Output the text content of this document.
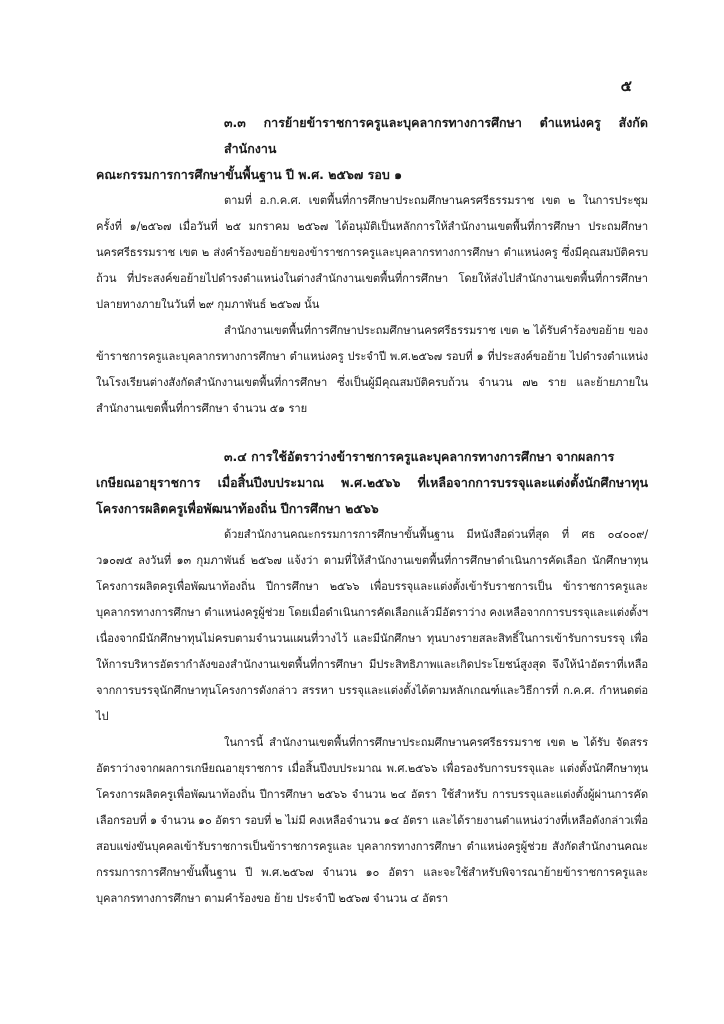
๕

๓.๓ การย้ายข้าราชการครูและบุคลากรทางการศึกษา ตำแหน่งครู สังกัดสำนักงาน
คณะกรรมการการศึกษาขั้นพื้นฐาน ปี พ.ศ. ๒๕๖๗ รอบ ๑

ตามที่ อ.ก.ค.ศ. เขตพื้นที่การศึกษาประถมศึกษานครศรีธรรมราช เขต ๒ ในการประชุม ครั้งที่ ๑/๒๕๖๗ เมื่อวันที่ ๒๕ มกราคม ๒๕๖๗ ได้อนุมัติเป็นหลักการให้สำนักงานเขตพื้นที่การศึกษา ประถมศึกษานครศรีธรรมราช เขต ๒ ส่งคำร้องขอย้ายของข้าราชการครูและบุคลากรทางการศึกษา ตำแหน่งครู ซึ่งมีคุณสมบัติครบถ้วน ที่ประสงค์ขอย้ายไปดำรงตำแหน่งในต่างสำนักงานเขตพื้นที่การศึกษา โดยให้ส่งไปสำนักงานเขตพื้นที่การศึกษาปลายทางภายในวันที่ ๒๙ กุมภาพันธ์ ๒๕๖๗ นั้น

สำนักงานเขตพื้นที่การศึกษาประถมศึกษานครศรีธรรมราช เขต ๒ ได้รับคำร้องขอย้าย ของข้าราชการครูและบุคลากรทางการศึกษา ตำแหน่งครู ประจำปี พ.ศ.๒๕๖๗ รอบที่ ๑ ที่ประสงค์ขอย้าย ไปดำรงตำแหน่งในโรงเรียนต่างสังกัดสำนักงานเขตพื้นที่การศึกษา ซึ่งเป็นผู้มีคุณสมบัติครบถ้วน จำนวน ๗๒ ราย และย้ายภายในสำนักงานเขตพื้นที่การศึกษา จำนวน ๕๑ ราย

๓.๔ การใช้อัตราว่างข้าราชการครูและบุคลากรทางการศึกษา จากผลการ
เกษียณอายุราชการ เมื่อสิ้นปีงบประมาณ พ.ศ.๒๕๖๖ ที่เหลือจากการบรรจุและแต่งตั้งนักศึกษาทุน โครงการผลิตครูเพื่อพัฒนาท้องถิ่น ปีการศึกษา ๒๕๖๖

ด้วยสำนักงานคณะกรรมการการศึกษาขั้นพื้นฐาน มีหนังสือด่วนที่สุด ที่ ศธ ๐๔๐๐๙/ ว๑๐๗๕ ลงวันที่ ๑๓ กุมภาพันธ์ ๒๕๖๗ แจ้งว่า ตามที่ให้สำนักงานเขตพื้นที่การศึกษาดำเนินการคัดเลือก นักศึกษาทุนโครงการผลิตครูเพื่อพัฒนาท้องถิ่น ปีการศึกษา ๒๕๖๖ เพื่อบรรจุและแต่งตั้งเข้ารับราชการเป็น ข้าราชการครูและบุคลากรทางการศึกษา ตำแหน่งครูผู้ช่วย โดยเมื่อดำเนินการคัดเลือกแล้วมีอัตราว่าง คงเหลือจากการบรรจุและแต่งตั้งฯ เนื่องจากมีนักศึกษาทุนไม่ครบตามจำนวนแผนที่วางไว้ และมีนักศึกษา ทุนบางรายสละสิทธิ์ในการเข้ารับการบรรจุ เพื่อให้การบริหารอัตรากำลังของสำนักงานเขตพื้นที่การศึกษา มีประสิทธิภาพและเกิดประโยชน์สูงสุด จึงให้นำอัตราที่เหลือจากการบรรจุนักศึกษาทุนโครงการดังกล่าว สรรหา บรรจุและแต่งตั้งได้ตามหลักเกณฑ์และวิธีการที่ ก.ค.ศ. กำหนดต่อไป

ในการนี้ สำนักงานเขตพื้นที่การศึกษาประถมศึกษานครศรีธรรมราช เขต ๒ ได้รับ จัดสรรอัตราว่างจากผลการเกษียณอายุราชการ เมื่อสิ้นปีงบประมาณ พ.ศ.๒๕๖๖ เพื่อรองรับการบรรจุและ แต่งตั้งนักศึกษาทุนโครงการผลิตครูเพื่อพัฒนาท้องถิ่น ปีการศึกษา ๒๕๖๖ จำนวน ๒๔ อัตรา ใช้สำหรับ การบรรจุและแต่งตั้งผู้ผ่านการคัดเลือกรอบที่ ๑ จำนวน ๑๐ อัตรา รอบที่ ๒ ไม่มี คงเหลือจำนวน ๑๔ อัตรา และได้รายงานตำแหน่งว่างที่เหลือดังกล่าวเพื่อสอบแข่งขันบุคคลเข้ารับราชการเป็นข้าราชการครูและ บุคลากรทางการศึกษา ตำแหน่งครูผู้ช่วย สังกัดสำนักงานคณะกรรมการการศึกษาขั้นพื้นฐาน ปี พ.ศ.๒๕๖๗ จำนวน ๑๐ อัตรา และจะใช้สำหรับพิจารณาย้ายข้าราชการครูและบุคลากรทางการศึกษา ตามคำร้องขอ ย้าย ประจำปี ๒๕๖๗ จำนวน ๔ อัตรา
